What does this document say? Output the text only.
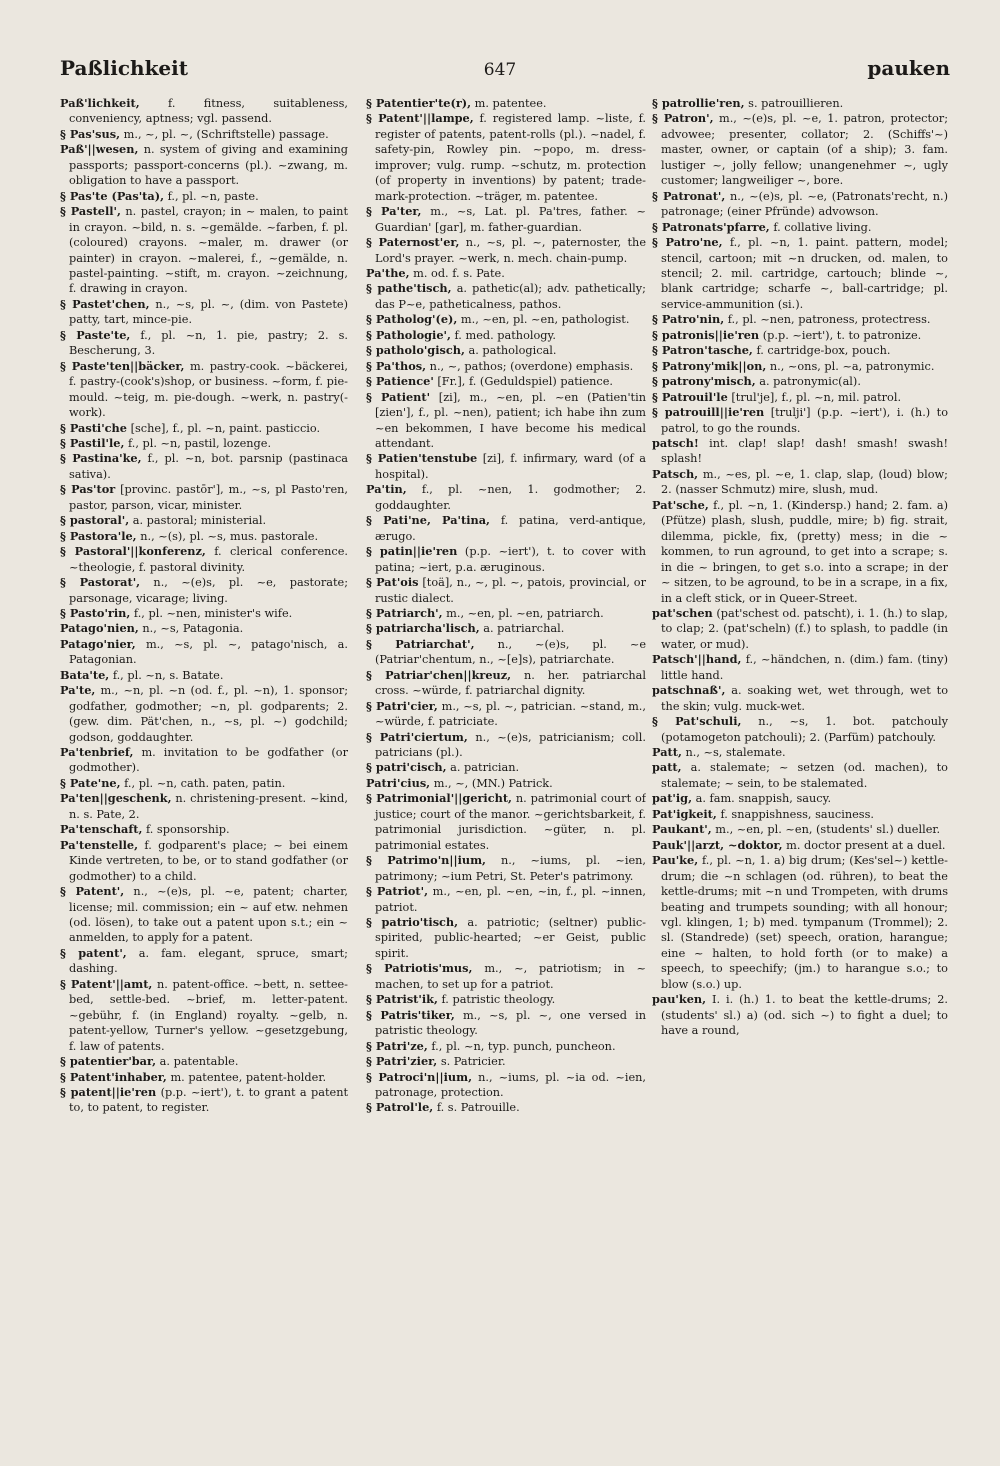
Paßlichkeit	647	pauken

Paß'lichkeit,	f. fitness, suitableness, conveniency, aptness; vgl. passend.

§ Pas'sus, m., ~, pl. ~, (Schriftstelle) passage.

Paß'||wesen, n. system of giving and examining passports; passport-concerns (pl.). ~zwang, m. obligation to have a passport.

§ Pas'te (Pas'ta), f., pl. ~n, paste.

§ Pastell', n. pastel, crayon; in ~ malen, to paint in crayon. ~bild, n. s. ~gemälde. ~farben, f. pl. (coloured) crayons. ~maler, m. drawer (or painter) in crayon. ~malerei, f., ~gemälde, n. pastel-painting. ~stift, m. crayon. ~zeichnung, f. drawing in crayon.

§ Pastet'chen, n., ~s, pl. ~, (dim. von Pastete) patty, tart, mince-pie.

§ Paste'te, f., pl. ~n, 1. pie, pastry; 2. s. Bescherung, 3.

§ Paste'ten||bäcker, m. pastry-cook. ~bäckerei, f. pastry-(cook's)shop, or business. ~form, f. pie-mould. ~teig, m. pie-dough. ~werk, n. pastry(-work).

§ Pasti'che [sche], f., pl. ~n, paint. pasticcio.

§ Pastil'le, f., pl. ~n, pastil, lozenge.

§ Pastina'ke, f., pl. ~n, bot. parsnip (pastinaca sativa).

§ Pas'tor [provinc. pastōr'], m., ~s, pl Pasto'ren, pastor, parson, vicar, minister.

§ pastoral', a. pastoral; ministerial.

§ Pastora'le, n., ~(s), pl. ~s, mus. pastorale.

§ Pastoral'||konferenz, f. clerical conference. ~theologie, f. pastoral divinity.

§ Pastorat', n., ~(e)s, pl. ~e, pastorate; parsonage, vicarage; living.

§ Pasto'rin, f., pl. ~nen, minister's wife.

Patago'nien, n., ~s, Patagonia.

Patago'nier, m., ~s, pl. ~, patago'nisch, a. Patagonian.

Bata'te, f., pl. ~n, s. Batate.

Pa'te, m., ~n, pl. ~n (od. f., pl. ~n), 1. sponsor; godfather, godmother; ~n, pl. godparents; 2. (gew. dim. Pät'chen, n., ~s, pl. ~) godchild; godson, goddaughter.

Pa'tenbrief, m. invitation to be godfather (or godmother).

§ Pate'ne, f., pl. ~n, cath. paten, patin.

Pa'ten||geschenk, n. christening-present. ~kind, n. s. Pate, 2.

Pa'tenschaft, f. sponsorship.

Pa'tenstelle, f. godparent's place; ~ bei einem Kinde vertreten, to be, or to stand godfather (or godmother) to a child.

§ Patent', n., ~(e)s, pl. ~e, patent; charter, license; mil. commission; ein ~ auf etw. nehmen (od. lösen), to take out a patent upon s.t.; ein ~ anmelden, to apply for a patent.

§ patent', a. fam. elegant, spruce, smart; dashing.

§ Patent'||amt, n. patent-office. ~bett, n. settee-bed, settle-bed. ~brief, m. letter-patent. ~gebühr, f. (in England) royalty. ~gelb, n. patent-yellow, Turner's yellow. ~gesetzgebung, f. law of patents.

§ patentier'bar, a. patentable.

§ Patent'inhaber, m. patentee, patent-holder.

§ patent||ie'ren (p.p. ~iert'), t. to grant a patent to, to patent, to register.

§ Patentier'te(r), m. patentee.

§ Patent'||lampe, f. registered lamp. ~liste, f. register of patents, patent-rolls (pl.). ~nadel, f. safety-pin, Rowley pin. ~popo, m. dress-improver; vulg. rump. ~schutz, m. protection (of property in inventions) by patent; trade-mark-protection. ~träger, m. patentee.

§ Pa'ter, m., ~s, Lat. pl. Pa'tres, father. ~ Guardian' [gar], m. father-guardian.

§ Paternost'er, n., ~s, pl. ~, paternoster, the Lord's prayer. ~werk, n. mech. chain-pump.

Pa'the, m. od. f. s. Pate.

§ pathe'tisch, a. pathetic(al); adv. pathetically; das P~e, patheticalness, pathos.

§ Patholog'(e), m., ~en, pl. ~en, pathologist.

§ Pathologie', f. med. pathology.

§ patholo'gisch, a. pathological.

§ Pa'thos, n., ~, pathos; (overdone) emphasis.

§ Patience' [Fr.], f. (Geduldspiel) patience.

§ Patient' [zi], m., ~en, pl. ~en (Patien'tin [zien'], f., pl. ~nen), patient; ich habe ihn zum ~en bekommen, I have become his medical attendant.

§ Patien'tenstube [zi], f. infirmary, ward (of a hospital).

Pa'tin, f., pl. ~nen, 1. godmother; 2. goddaughter.

§ Pati'ne, Pa'tina, f. patina, verd-antique, ærugo.

§ patin||ie'ren (p.p. ~iert'), t. to cover with patina; ~iert, p.a. æruginous.

§ Pat'ois [toä], n., ~, pl. ~, patois, provincial, or rustic dialect.

§ Patriarch', m., ~en, pl. ~en, patriarch.

§ patriarcha'lisch, a. patriarchal.

§ Patriarchat', n., ~(e)s, pl. ~e (Patriar'chentum, n., ~[e]s), patriarchate.

§ Patriar'chen||kreuz, n. her. patriarchal cross. ~würde, f. patriarchal dignity.

§ Patri'cier, m., ~s, pl. ~, patrician. ~stand, m., ~würde, f. patriciate.

§ Patri'ciertum, n., ~(e)s, patricianism; coll. patricians (pl.).

§ patri'cisch, a. patrician.

Patri'cius, m., ~, (MN.) Patrick.

§ Patrimonial'||gericht, n. patrimonial court of justice; court of the manor. ~gerichtsbarkeit, f. patrimonial jurisdiction. ~güter, n. pl. patrimonial estates.

§ Patrimo'n||ium, n., ~iums, pl. ~ien, patrimony; ~ium Petri, St. Peter's patrimony.

§ Patriot', m., ~en, pl. ~en, ~in, f., pl. ~innen, patriot.

§ patrio'tisch, a. patriotic; (seltner) public-spirited, public-hearted; ~er Geist, public spirit.

§ Patriotis'mus, m., ~, patriotism; in ~ machen, to set up for a patriot.

§ Patrist'ik, f. patristic theology.

§ Patris'tiker, m., ~s, pl. ~, one versed in patristic theology.

§ Patri'ze, f., pl. ~n, typ. punch, puncheon.

§ Patri'zier, s. Patricier.

§ Patroci'n||ium, n., ~iums, pl. ~ia od. ~ien, patronage, protection.

§ Patrol'le, f. s. Patrouille.

§ patrollie'ren, s. patrouillieren.

§ Patron', m., ~(e)s, pl. ~e, 1. patron, protector; advowee; presenter, collator; 2. (Schiffs'~) master, owner, or captain (of a ship); 3. fam. lustiger ~, jolly fellow; unangenehmer ~, ugly customer; langweiliger ~, bore.

§ Patronat', n., ~(e)s, pl. ~e, (Patronats'recht, n.) patronage; (einer Pfründe) advowson.

§ Patronats'pfarre, f. collative living.

§ Patro'ne, f., pl. ~n, 1. paint. pattern, model; stencil, cartoon; mit ~n drucken, od. malen, to stencil; 2. mil. cartridge, cartouch; blinde ~, blank cartridge; scharfe ~, ball-cartridge; pl. service-ammunition (si.).

§ Patro'nin, f., pl. ~nen, patroness, protectress.

§ patronis||ie'ren (p.p. ~iert'), t. to patronize.

§ Patron'tasche, f. cartridge-box, pouch.

§ Patrony'mik||on, n., ~ons, pl. ~a, patronymic.

§ patrony'misch, a. patronymic(al).

§ Patrouil'le [trul'je], f., pl. ~n, mil. patrol.

§ patrouill||ie'ren [trulji'] (p.p. ~iert'), i. (h.) to patrol, to go the rounds.

patsch! int. clap! slap! dash! smash! swash! splash!

Patsch, m., ~es, pl. ~e, 1. clap, slap, (loud) blow; 2. (nasser Schmutz) mire, slush, mud.

Pat'sche, f., pl. ~n, 1. (Kindersp.) hand; 2. fam. a) (Pfütze) plash, slush, puddle, mire; b) fig. strait, dilemma, pickle, fix, (pretty) mess; in die ~ kommen, to run aground, to get into a scrape; s. in die ~ bringen, to get s.o. into a scrape; in der ~ sitzen, to be aground, to be in a scrape, in a fix, in a cleft stick, or in Queer-Street.

pat'schen (pat'schest od. patscht), i. 1. (h.) to slap, to clap; 2. (pat'scheln) (f.) to splash, to paddle (in water, or mud).

Patsch'||hand, f., ~händchen, n. (dim.) fam. (tiny) little hand.

patschnaß', a. soaking wet, wet through, wet to the skin; vulg. muck-wet.

§ Pat'schuli, n., ~s, 1. bot. patchouly (potamogeton patchouli); 2. (Parfüm) patchouly.

Patt, n., ~s, stalemate.

patt, a. stalemate; ~ setzen (od. machen), to stalemate; ~ sein, to be stalemated.

pat'ig, a. fam. snappish, saucy.

Pat'igkeit, f. snappishness, sauciness.

Paukant', m., ~en, pl. ~en, (students' sl.) dueller.

Pauk'||arzt, ~doktor, m. doctor present at a duel.

Pau'ke, f., pl. ~n, 1. a) big drum; (Kes'sel~) kettle-drum; die ~n schlagen (od. rühren), to beat the kettle-drums; mit ~n und Trompeten, with drums beating and trumpets sounding; with all honour; vgl. klingen, 1; b) med. tympanum (Trommel); 2. sl. (Standrede) (set) speech, oration, harangue; eine ~ halten, to hold forth (or to make) a speech, to speechify; (jm.) to harangue s.o.; to blow (s.o.) up.

pau'ken, I. i. (h.) 1. to beat the kettle-drums; 2. (students' sl.) a) (od. sich ~) to fight a duel; to have a round,
